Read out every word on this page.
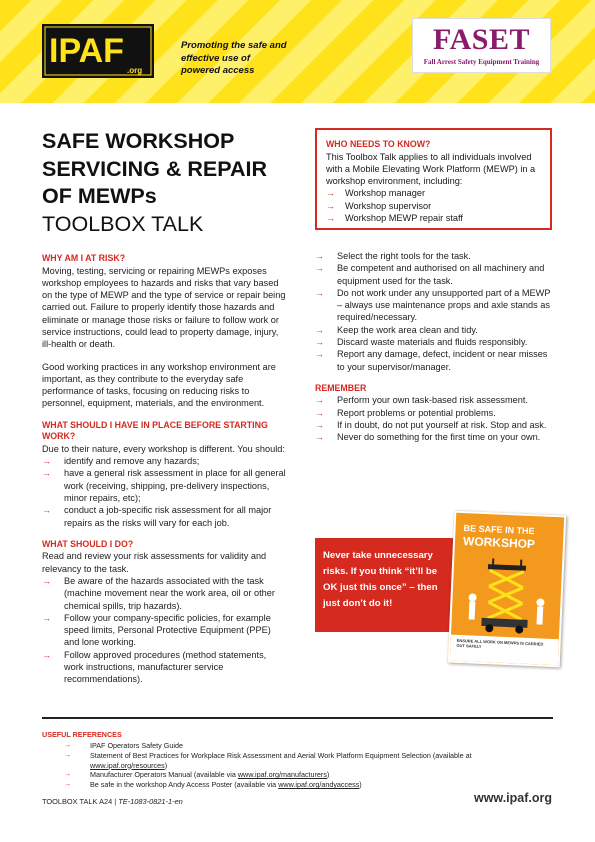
IPAF
.org
Promoting the safe and
effective use of
powered access
FASET
Fall Arrest Safety Equipment Training
SAFE WORKSHOP
SERVICING & REPAIR
OF MEWPs
TOOLBOX TALK

WHO NEEDS TO KNOW?

This Toolbox Talk applies to all individuals involved with a Mobile Elevating Work Platform (MEWP) in a workshop environment, including:

→ Workshop manager
→ Workshop supervisor
→ Workshop MEWP repair staff

WHY AM I AT RISK?

Moving, testing, servicing or repairing MEWPs exposes workshop employees to hazards and risks that vary based on the type of MEWP and the type of service or repair being carried out. Failure to properly identify those hazards and eliminate or manage those risks or failure to follow work or service instructions, could lead to property damage, injury, ill-health or death.

Good working practices in any workshop environment are important, as they contribute to the everyday safe performance of tasks, focusing on reducing risks to personnel, equipment, materials, and the environment.

WHAT SHOULD I HAVE IN PLACE BEFORE STARTING WORK?

Due to their nature, every workshop is different. You should:

→ identify and remove any hazards;
→ have a general risk assessment in place for all general work (receiving, shipping, pre-delivery inspections, minor repairs, etc);
→ conduct a job-specific risk assessment for all major repairs as the risks will vary for each job.

WHAT SHOULD I DO?

Read and review your risk assessments for validity and relevancy to the task.

→ Be aware of the hazards associated with the task (machine movement near the work area, oil or other chemical spills, trip hazards).
→ Follow your company-specific policies, for example speed limits, Personal Protective Equipment (PPE) and lone working.
→ Follow approved procedures (method statements, work instructions, manufacturer service recommendations).
→ Select the right tools for the task.
→ Be competent and authorised on all machinery and equipment used for the task.
→ Do not work under any unsupported part of a MEWP – always use maintenance props and axle stands as required/necessary.
→ Keep the work area clean and tidy.
→ Discard waste materials and fluids responsibly.
→ Report any damage, defect, incident or near misses to your supervisor/manager.

REMEMBER

→ Perform your own task-based risk assessment.
→ Report problems or potential problems.
→ If in doubt, do not put yourself at risk. Stop and ask.
→ Never do something for the first time on your own.
Never take unnecessary risks. If you think “it’ll be OK just this once” – then just don’t do it!
BE SAFE IN THE
WORKSHOP
ENSURE ALL WORK ON MEWPS IS CARRIED OUT SAFELY

USEFUL REFERENCES

→	IPAF Operators Safety Guide
→	Statement of Best Practices for Workplace Risk Assessment and Aerial Work Platform Equipment Selection (available at
www.ipaf.org/resources)
→	Manufacturer Operators Manual (available via www.ipaf.org/manufacturers)
→	Be safe in the workshop Andy Access Poster (available via www.ipaf.org/andyaccess)
TOOLBOX TALK A24 | TE-1083-0821-1-en	www.ipaf.org
